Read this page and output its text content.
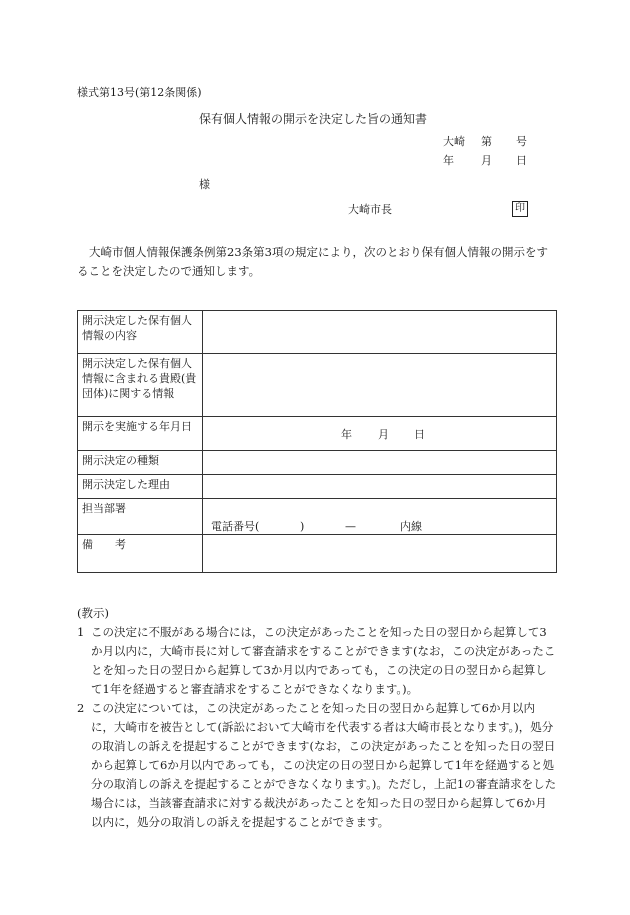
様式第13号(第12条関係)
保有個人情報の開示を決定した旨の通知書
大崎 第 号
年 月 日
様
大崎市長	印
大崎市個人情報保護条例第23条第3項の規定により，次のとおり保有個人情報の開示をすることを決定したので通知します。
開示決定した保有個人情報の内容	
開示決定した保有個人情報に含まれる貴殿(貴団体)に関する情報	
開示を実施する年月日	年 月 日

開示決定の種類	
開示決定した理由	
担当部署	電話番号( ) — 内線

備　　考	
(教示)
1 この決定に不服がある場合には，この決定があったことを知った日の翌日から起算して3か月以内に，大崎市長に対して審査請求をすることができます(なお，この決定があったことを知った日の翌日から起算して3か月以内であっても，この決定の日の翌日から起算して1年を経過すると審査請求をすることができなくなります。)。
2 この決定については，この決定があったことを知った日の翌日から起算して6か月以内に，大崎市を被告として(訴訟において大崎市を代表する者は大崎市長となります。)，処分の取消しの訴えを提起することができます(なお，この決定があったことを知った日の翌日から起算して6か月以内であっても，この決定の日の翌日から起算して1年を経過すると処分の取消しの訴えを提起することができなくなります。)。ただし，上記1の審査請求をした場合には，当該審査請求に対する裁決があったことを知った日の翌日から起算して6か月以内に，処分の取消しの訴えを提起することができます。
